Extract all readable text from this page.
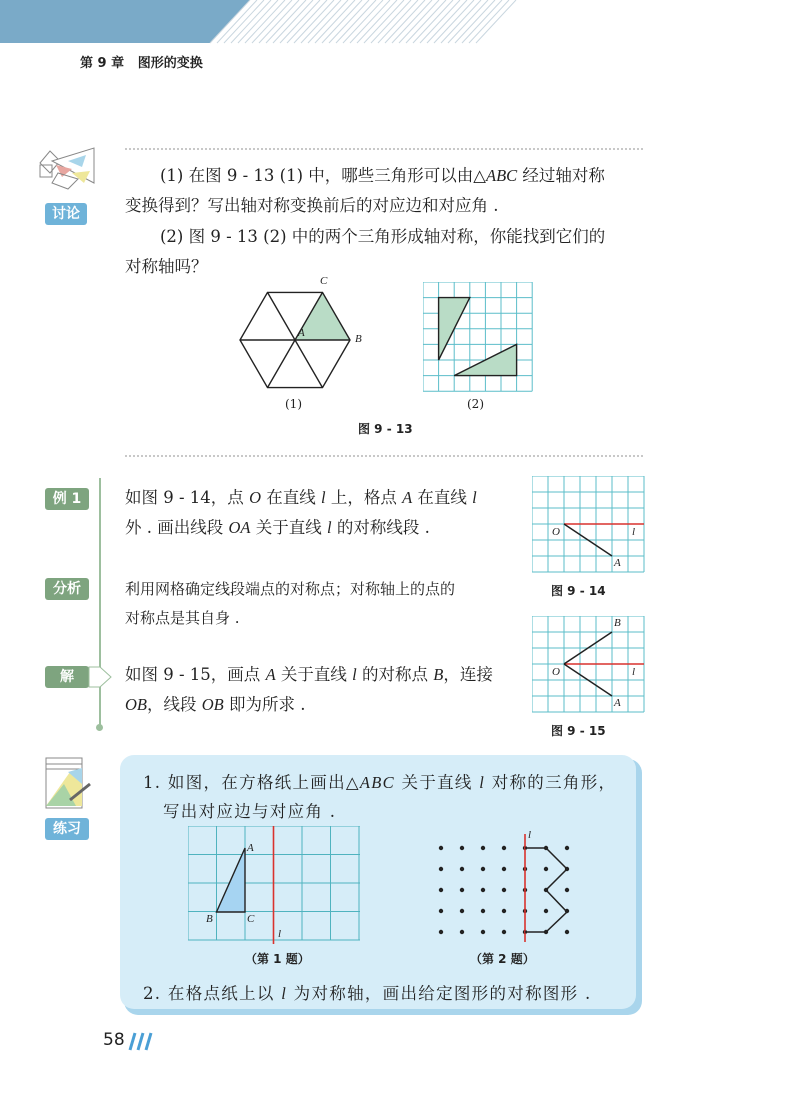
第 9 章 图形的变换
讨论
(1) 在图 9 - 13 (1) 中，哪些三角形可以由△ABC 经过轴对称
变换得到？写出轴对称变换前后的对应边和对应角 .
(2) 图 9 - 13 (2) 中的两个三角形成轴对称，你能找到它们的
对称轴吗？
C
A	B
(1)	(2)
图 9 - 13
例 1
分析
解
如图 9 - 14，点 O 在直线 l 上，格点 A 在直线 l
外 . 画出线段 OA 关于直线 l 的对称线段 .
利用网格确定线段端点的对称点；对称轴上的点的
对称点是其自身 .
如图 9 - 15，画点 A 关于直线 l 的对称点 B，连接
OB，线段 OB 即为所求 .
O	l
A
图 9 - 14
B
O	l
A
图 9 - 15
练习
1. 如图，在方格纸上画出△ABC 关于直线 l 对称的三角形，
写出对应边与对应角 .
A
B	C
l
（第 1 题）
l
（第 2 题）
2. 在格点纸上以 l 为对称轴，画出给定图形的对称图形 .
58
